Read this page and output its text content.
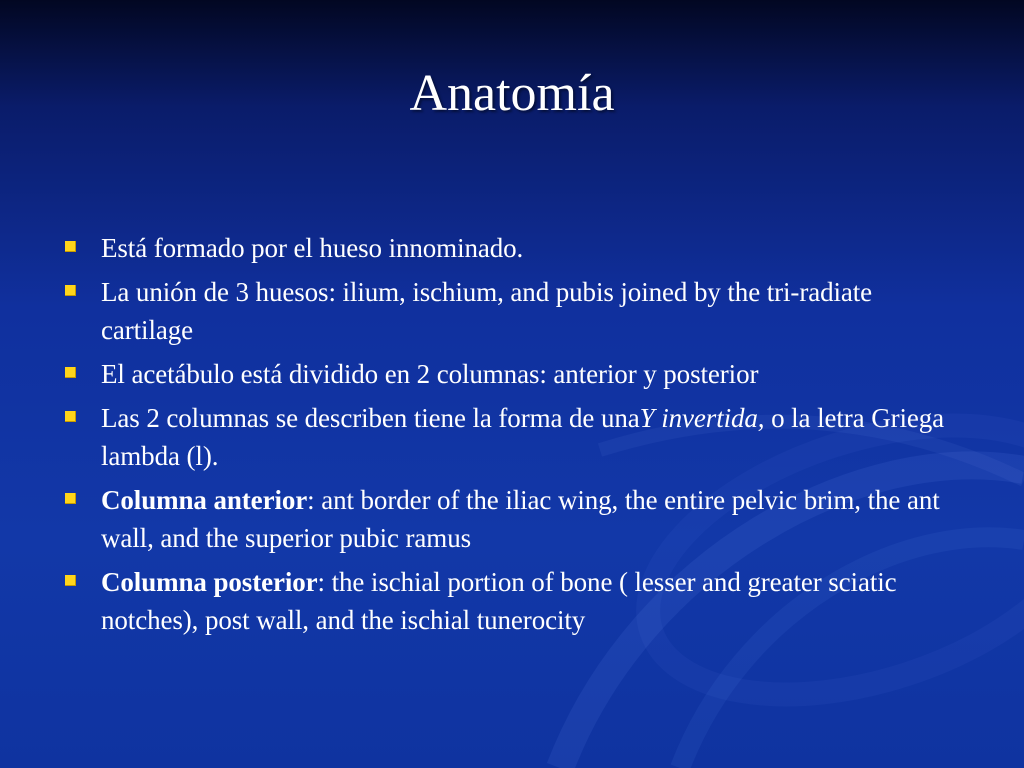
Anatomía
Está formado por el hueso innominado.
La unión de 3 huesos: ilium, ischium, and pubis joined by the tri-radiate cartilage
El acetábulo está dividido en 2 columnas: anterior y posterior
Las 2 columnas se describen tiene la forma de unaY invertida, o la letra Griega lambda (l).
Columna anterior: ant border of the iliac wing, the entire pelvic brim, the ant wall, and the superior pubic ramus
Columna posterior: the ischial portion of bone ( lesser and greater sciatic notches), post wall, and the ischial tunerocity
